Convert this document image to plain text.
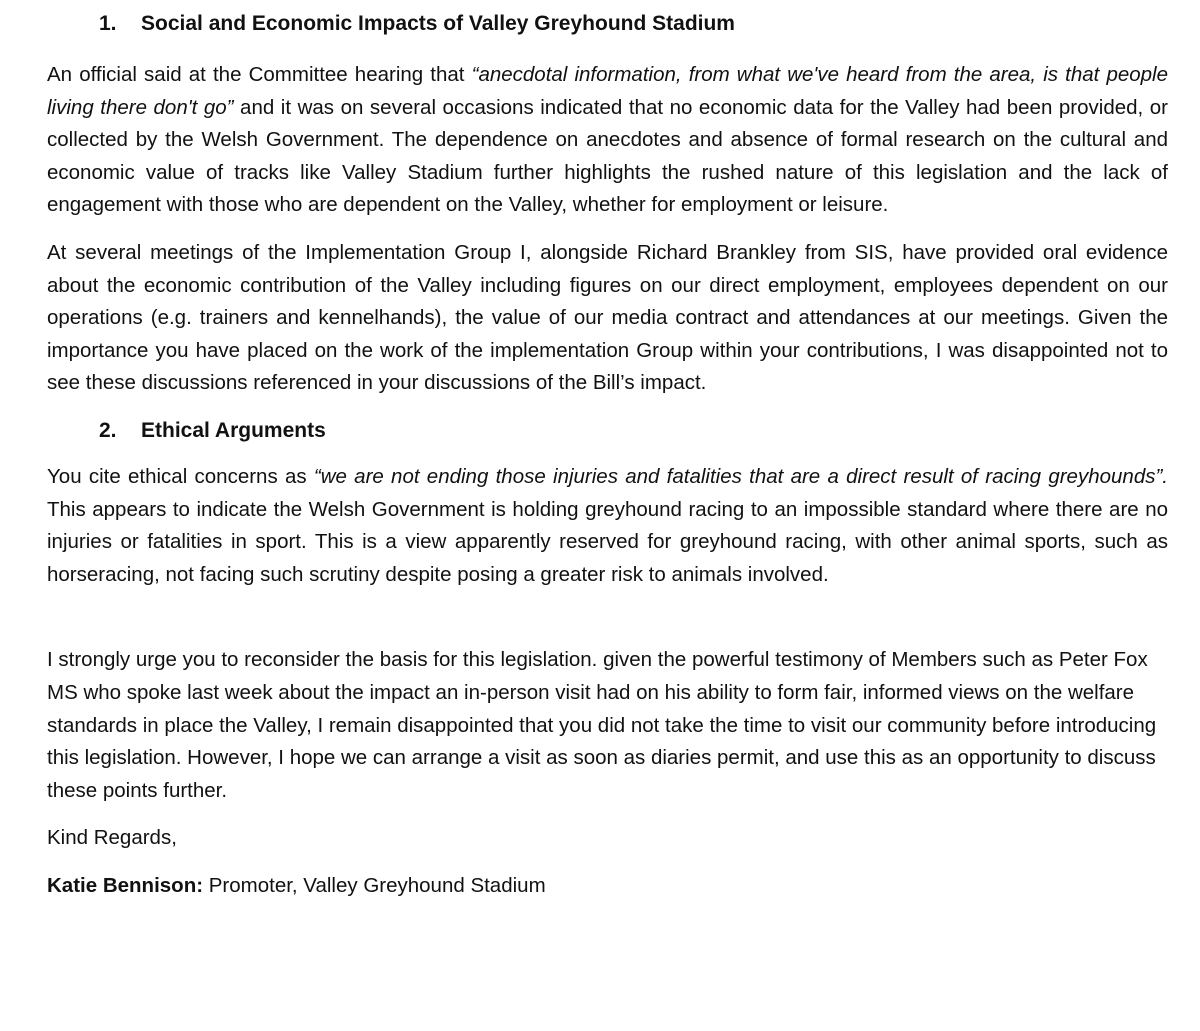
1.	Social and Economic Impacts of Valley Greyhound Stadium

An official said at the Committee hearing that “anecdotal information, from what we've heard from the area, is that people living there don't go” and it was on several occasions indicated that no economic data for the Valley had been provided, or collected by the Welsh Government. The dependence on anecdotes and absence of formal research on the cultural and economic value of tracks like Valley Stadium further highlights the rushed nature of this legislation and the lack of engagement with those who are dependent on the Valley, whether for employment or leisure.

At several meetings of the Implementation Group I, alongside Richard Brankley from SIS, have provided oral evidence about the economic contribution of the Valley including figures on our direct employment, employees dependent on our operations (e.g. trainers and kennelhands), the value of our media contract and attendances at our meetings. Given the importance you have placed on the work of the implementation Group within your contributions, I was disappointed not to see these discussions referenced in your discussions of the Bill’s impact.

2.	Ethical Arguments

You cite ethical concerns as “we are not ending those injuries and fatalities that are a direct result of racing greyhounds”. This appears to indicate the Welsh Government is holding greyhound racing to an impossible standard where there are no injuries or fatalities in sport. This is a view apparently reserved for greyhound racing, with other animal sports, such as horseracing, not facing such scrutiny despite posing a greater risk to animals involved.

I strongly urge you to reconsider the basis for this legislation. given the powerful testimony of Members such as Peter Fox MS who spoke last week about the impact an in-person visit had on his ability to form fair, informed views on the welfare standards in place the Valley, I remain disappointed that you did not take the time to visit our community before introducing this legislation. However, I hope we can arrange a visit as soon as diaries permit, and use this as an opportunity to discuss these points further.

Kind Regards,

Katie Bennison: Promoter, Valley Greyhound Stadium
